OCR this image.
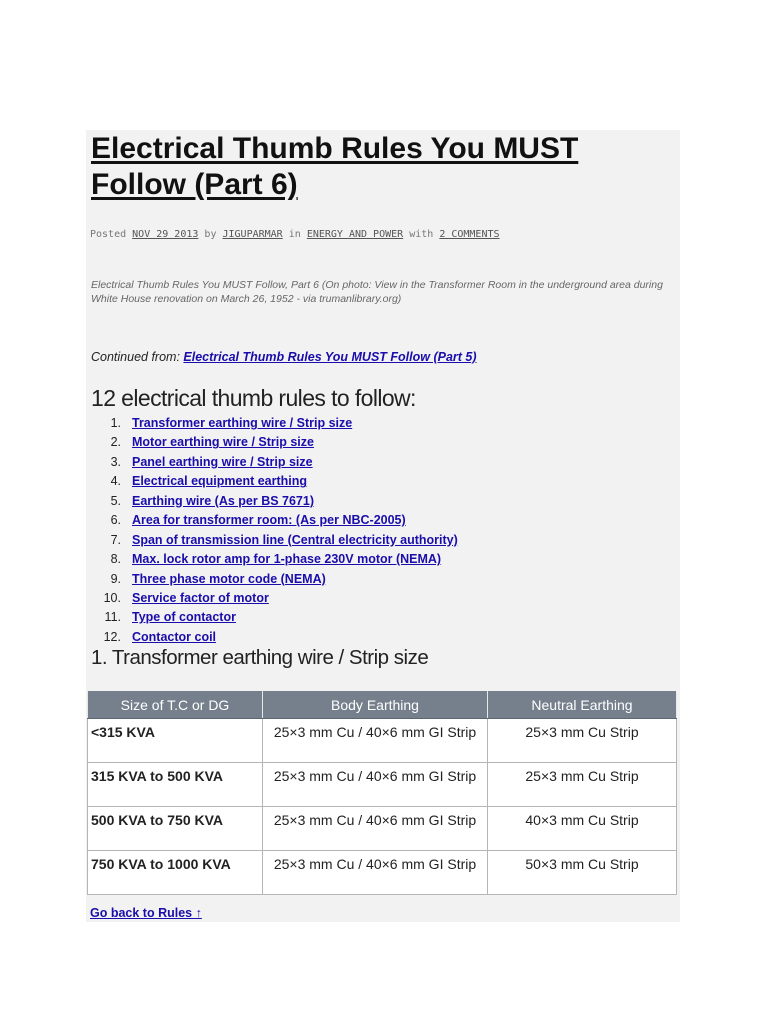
Electrical Thumb Rules You MUST Follow (Part 6)
Posted NOV 29 2013 by JIGUPARMAR in ENERGY AND POWER with 2 COMMENTS

Electrical Thumb Rules You MUST Follow, Part 6 (On photo: View in the Transformer Room in the underground area during White House renovation on March 26, 1952 - via trumanlibrary.org)

Continued from: Electrical Thumb Rules You MUST Follow (Part 5)

12 electrical thumb rules to follow:
1. Transformer earthing wire / Strip size
2. Motor earthing wire / Strip size
3. Panel earthing wire / Strip size
4. Electrical equipment earthing
5. Earthing wire (As per BS 7671)
6. Area for transformer room: (As per NBC-2005)
7. Span of transmission line (Central electricity authority)
8. Max. lock rotor amp for 1-phase 230V motor (NEMA)
9. Three phase motor code (NEMA)
10. Service factor of motor
11. Type of contactor
12. Contactor coil
1. Transformer earthing wire / Strip size
Size of T.C or DG	Body Earthing	Neutral Earthing
<315 KVA	25×3 mm Cu / 40×6 mm GI Strip	25×3 mm Cu Strip
315 KVA to 500 KVA	25×3 mm Cu / 40×6 mm GI Strip	25×3 mm Cu Strip
500 KVA to 750 KVA	25×3 mm Cu / 40×6 mm GI Strip	40×3 mm Cu Strip
750 KVA to 1000 KVA	25×3 mm Cu / 40×6 mm GI Strip	50×3 mm Cu Strip
Go back to Rules ↑
